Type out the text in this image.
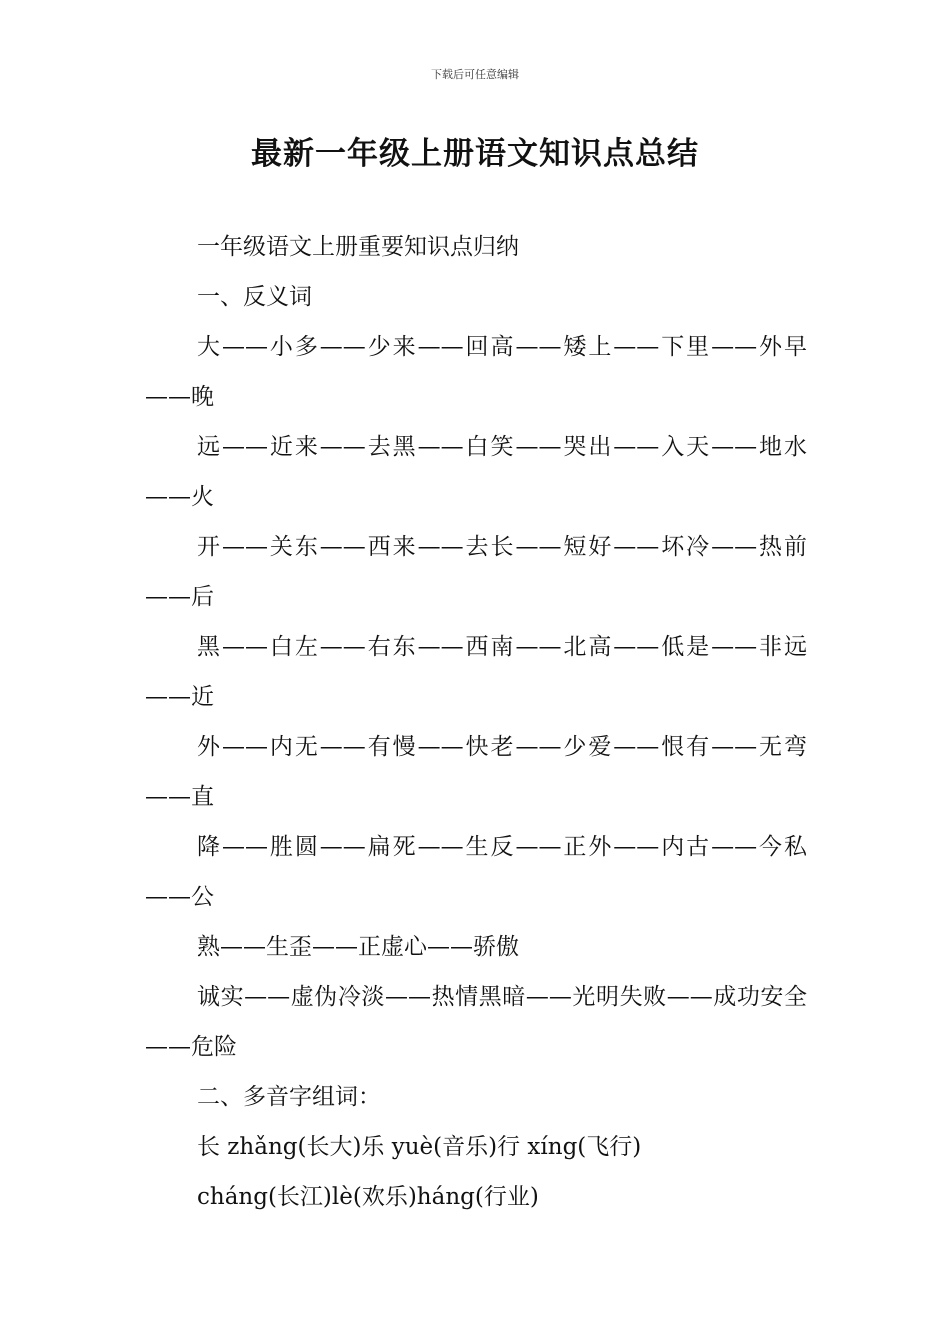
下载后可任意编辑
最新一年级上册语文知识点总结

一年级语文上册重要知识点归纳

一、反义词

大——小多——少来——回高——矮上——下里——外早——晚

远——近来——去黑——白笑——哭出——入天——地水——火

开——关东——西来——去长——短好——坏冷——热前——后

黑——白左——右东——西南——北高——低是——非远——近

外——内无——有慢——快老——少爱——恨有——无弯——直

降——胜圆——扁死——生反——正外——内古——今私——公

熟——生歪——正虚心——骄傲

诚实——虚伪冷淡——热情黑暗——光明失败——成功安全——危险

二、多音字组词：

长 zhǎng(长大)乐 yuè(音乐)行 xíng(飞行)

cháng(长江)lè(欢乐)háng(行业)
